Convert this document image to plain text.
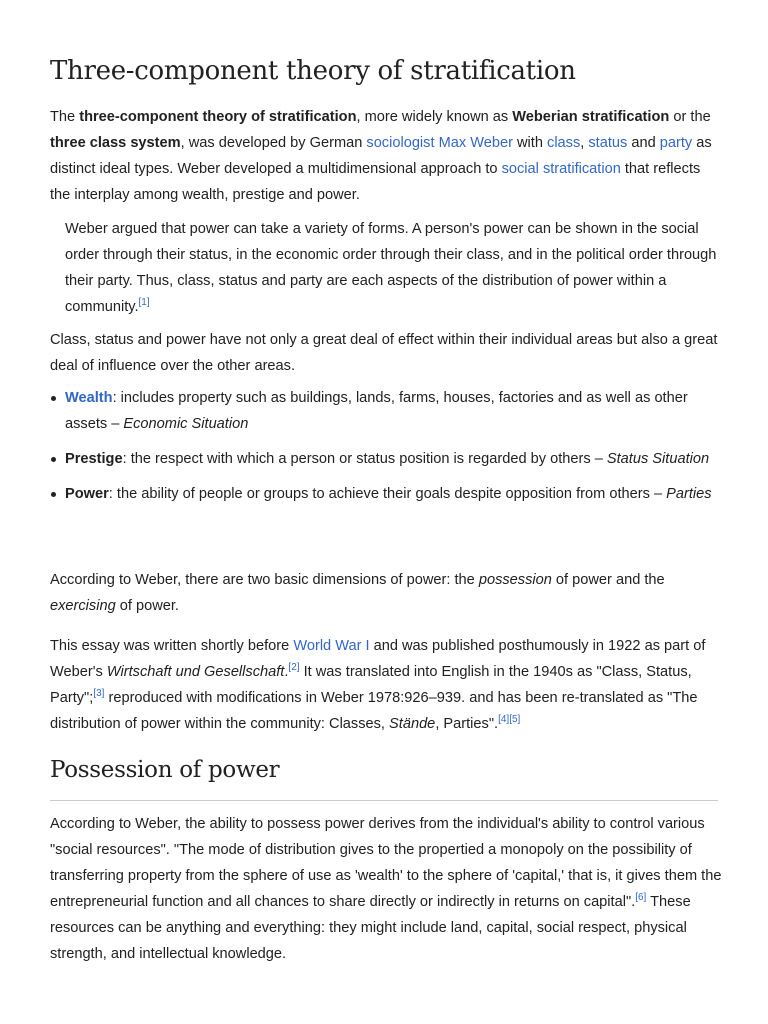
Three-component theory of stratification

The three-component theory of stratification, more widely known as Weberian stratification or the three class system, was developed by German sociologist Max Weber with class, status and party as distinct ideal types. Weber developed a multidimensional approach to social stratification that reflects the interplay among wealth, prestige and power.

Weber argued that power can take a variety of forms. A person's power can be shown in the social order through their status, in the economic order through their class, and in the political order through their party. Thus, class, status and party are each aspects of the distribution of power within a community.[1]

Class, status and power have not only a great deal of effect within their individual areas but also a great deal of influence over the other areas.

Wealth: includes property such as buildings, lands, farms, houses, factories and as well as other assets – Economic Situation
Prestige: the respect with which a person or status position is regarded by others – Status Situation
Power: the ability of people or groups to achieve their goals despite opposition from others – Parties

According to Weber, there are two basic dimensions of power: the possession of power and the exercising of power.

This essay was written shortly before World War I and was published posthumously in 1922 as part of Weber's Wirtschaft und Gesellschaft.[2] It was translated into English in the 1940s as "Class, Status, Party";[3] reproduced with modifications in Weber 1978:926–939. and has been re-translated as "The distribution of power within the community: Classes, Stände, Parties".[4][5]

Possession of power

According to Weber, the ability to possess power derives from the individual's ability to control various "social resources". "The mode of distribution gives to the propertied a monopoly on the possibility of transferring property from the sphere of use as 'wealth' to the sphere of 'capital,' that is, it gives them the entrepreneurial function and all chances to share directly or indirectly in returns on capital".[6] These resources can be anything and everything: they might include land, capital, social respect, physical strength, and intellectual knowledge.
